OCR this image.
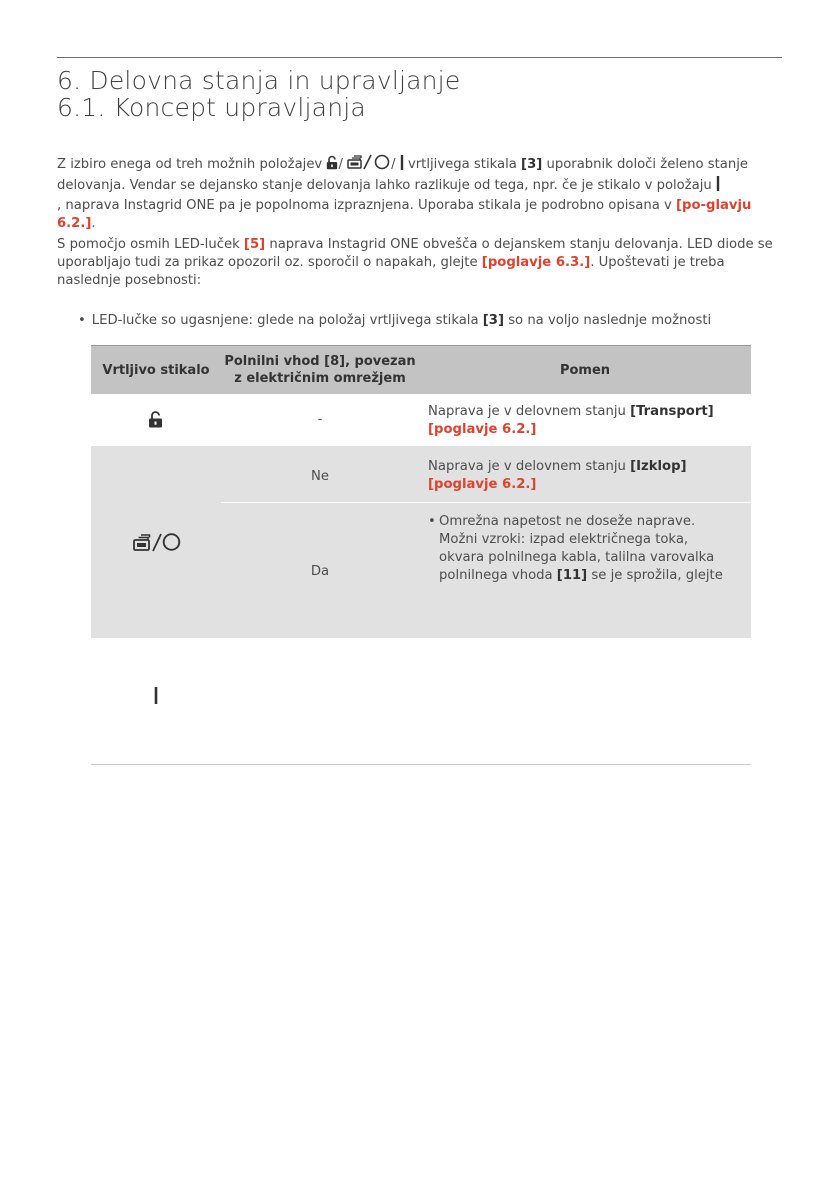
6. Delovna stanja in upravljanje
6.1. Koncept upravljanja
Z izbiro enega od treh možnih položajev /	/ vrtljivega stikala [3] uporabnik določi želeno stanje delovanja. Vendar se dejansko stanje delovanja lahko razlikuje od tega, npr. če je stikalo v položaju
, naprava Instagrid ONE pa je popolnoma izpraznjena. Uporaba stikala je podrobno opisana v [po-glavju 6.2.].
S pomočjo osmih LED-luček [5] naprava Instagrid ONE obvešča o dejanskem stanju delovanja. LED diode se uporabljajo tudi za prikaz opozoril oz. sporočil o napakah, glejte [poglavje 6.3.]. Upoštevati je treba naslednje posebnosti:
• LED-lučke so ugasnjene: glede na položaj vrtljivega stikala [3] so na voljo naslednje možnosti
Vrtljivo stikalo
Polnilni vhod [8], povezan z električnim omrežjem
Pomen
-
Naprava je v delovnem stanju [Transport]
[poglavje 6.2.]
Ne
Naprava je v delovnem stanju [Izklop]
[poglavje 6.2.]
Da
• Omrežna napetost ne doseže naprave. Možni vzroki: izpad električnega toka, okvara polnilnega kabla, talilna varovalka polnilnega vhoda [11] se je sprožila, glejte
